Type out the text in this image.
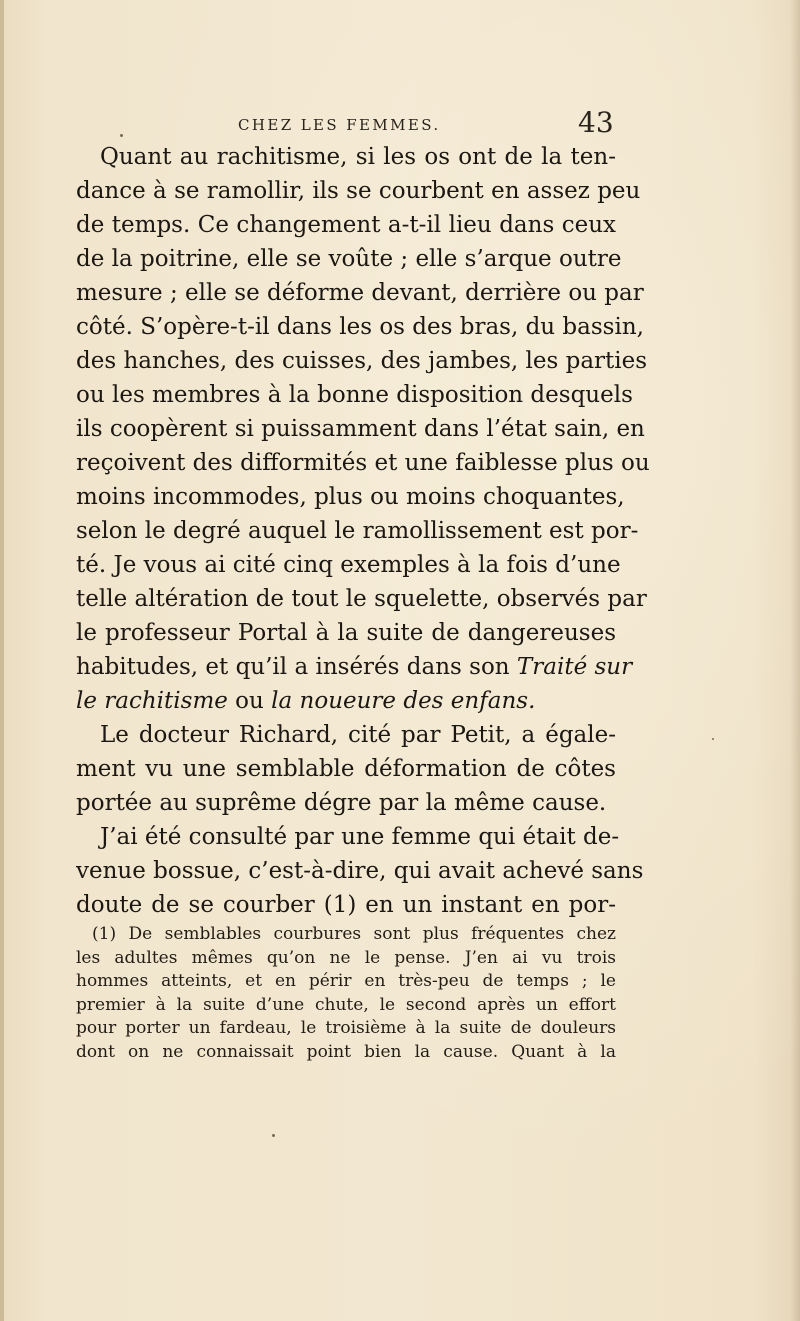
CHEZ LES FEMMES.	43
Quant au rachitisme, si les os ont de la ten-
dance à se ramollir, ils se courbent en assez peu
de temps. Ce changement a-t-il lieu dans ceux
de la poitrine, elle se voûte ; elle s’arque outre
mesure ; elle se déforme devant, derrière ou par
côté. S’opère-t-il dans les os des bras, du bassin,
des hanches, des cuisses, des jambes, les parties
ou les membres à la bonne disposition desquels
ils coopèrent si puissamment dans l’état sain, en
reçoivent des difformités et une faiblesse plus ou
moins incommodes, plus ou moins choquantes,
selon le degré auquel le ramollissement est por-
té. Je vous ai cité cinq exemples à la fois d’une
telle altération de tout le squelette, observés par
le professeur Portal à la suite de dangereuses
habitudes, et qu’il a insérés dans son Traité sur
le rachitisme ou la noueure des enfans.
Le docteur Richard, cité par Petit, a égale-
ment vu une semblable déformation de côtes
portée au suprême dégre par la même cause.
J’ai été consulté par une femme qui était de-
venue bossue, c’est-à-dire, qui avait achevé sans
doute de se courber (1) en un instant en por-
(1) De semblables courbures sont plus fréquentes chez
les adultes mêmes qu’on ne le pense. J’en ai vu trois
hommes atteints, et en périr en très-peu de temps ; le
premier à la suite d’une chute, le second après un effort
pour porter un fardeau, le troisième à la suite de douleurs
dont on ne connaissait point bien la cause. Quant à la
